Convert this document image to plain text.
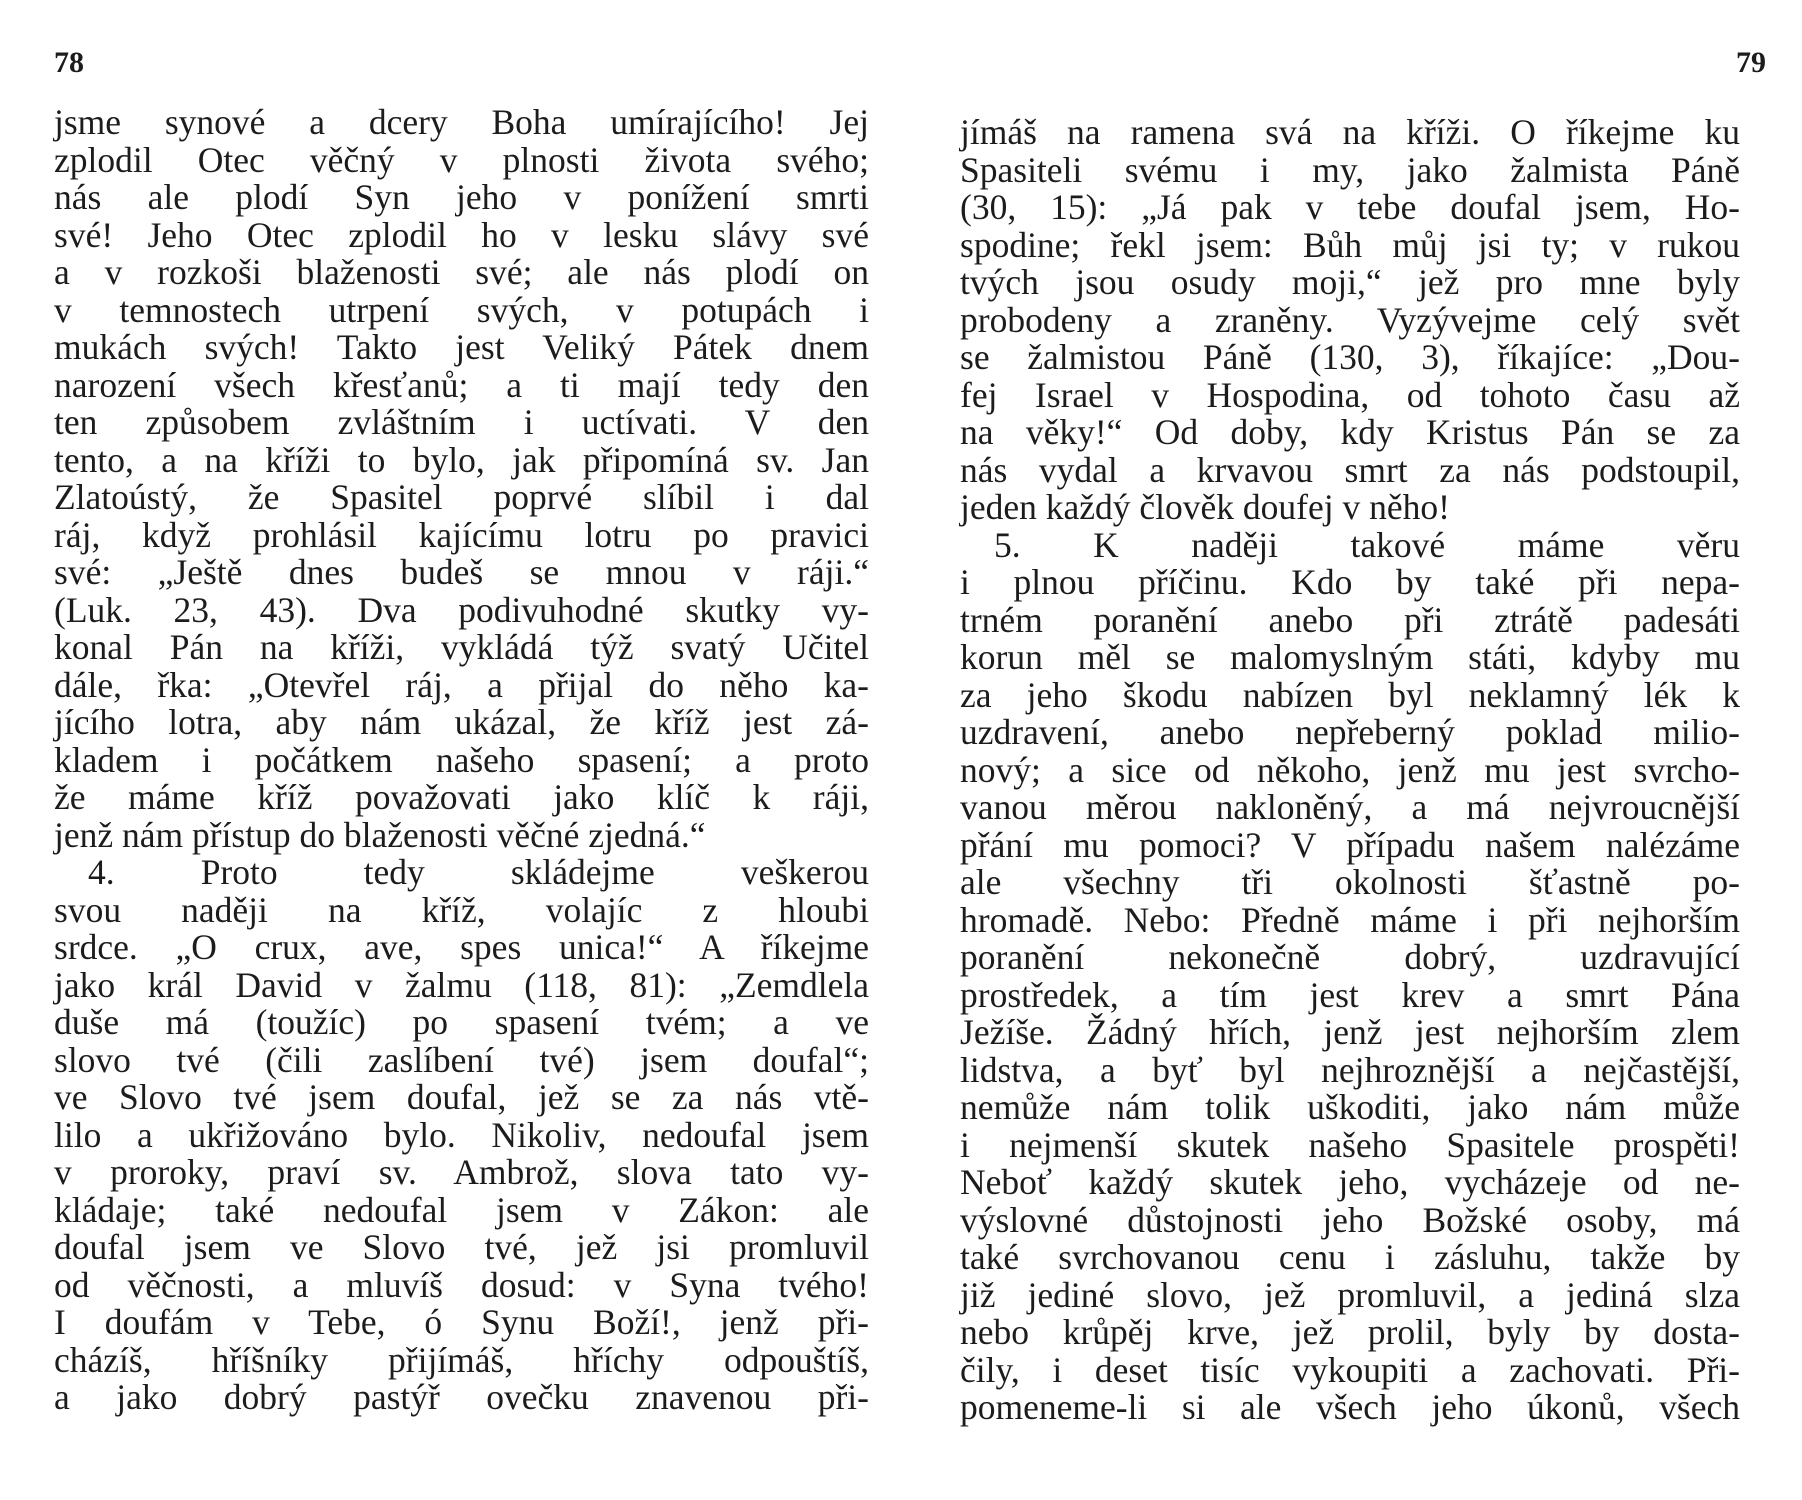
78
jsme synové a dcery Boha umírajícího! Jej
zplodil Otec věčný v plnosti života svého;
nás ale plodí Syn jeho v ponížení smrti
své! Jeho Otec zplodil ho v lesku slávy své
a v rozkoši blaženosti své; ale nás plodí on
v temnostech utrpení svých, v potupách i
mukách svých! Takto jest Veliký Pátek dnem
narození všech křesťanů; a ti mají tedy den
ten způsobem zvláštním i uctívati. V den
tento, a na kříži to bylo, jak připomíná sv. Jan
Zlatoústý, že Spasitel poprvé slíbil i dal
ráj, když prohlásil kajícímu lotru po pravici
své: „Ještě dnes budeš se mnou v ráji.“
(Luk. 23, 43). Dva podivuhodné skutky vy-
konal Pán na kříži, vykládá týž svatý Učitel
dále, řka: „Otevřel ráj, a přijal do něho ka-
jícího lotra, aby nám ukázal, že kříž jest zá-
kladem i počátkem našeho spasení; a proto
že máme kříž považovati jako klíč k ráji,
jenž nám přístup do blaženosti věčné zjedná.“
4. Proto tedy skládejme veškerou
svou naději na kříž, volajíc z hloubi
srdce. „O crux, ave, spes unica!“ A říkejme
jako král David v žalmu (118, 81): „Zemdlela
duše má (toužíc) po spasení tvém; a ve
slovo tvé (čili zaslíbení tvé) jsem doufal“;
ve Slovo tvé jsem doufal, jež se za nás vtě-
lilo a ukřižováno bylo. Nikoliv, nedoufal jsem
v proroky, praví sv. Ambrož, slova tato vy-
kládaje; také nedoufal jsem v Zákon: ale
doufal jsem ve Slovo tvé, jež jsi promluvil
od věčnosti, a mluvíš dosud: v Syna tvého!
I doufám v Tebe, ó Synu Boží!, jenž při-
cházíš, hříšníky přijímáš, hříchy odpouštíš,
a jako dobrý pastýř ovečku znavenou při-
79
jímáš na ramena svá na kříži. O říkejme ku
Spasiteli svému i my, jako žalmista Páně
(30, 15): „Já pak v tebe doufal jsem, Ho-
spodine; řekl jsem: Bůh můj jsi ty; v rukou
tvých jsou osudy moji,“ jež pro mne byly
probodeny a zraněny. Vyzývejme celý svět
se žalmistou Páně (130, 3), říkajíce: „Dou-
fej Israel v Hospodina, od tohoto času až
na věky!“ Od doby, kdy Kristus Pán se za
nás vydal a krvavou smrt za nás podstoupil,
jeden každý člověk doufej v něho!
5. K naději takové máme věru
i plnou příčinu. Kdo by také při nepa-
trném poranění anebo při ztrátě padesáti
korun měl se malomyslným státi, kdyby mu
za jeho škodu nabízen byl neklamný lék k
uzdravení, anebo nepřeberný poklad milio-
nový; a sice od někoho, jenž mu jest svrcho-
vanou měrou nakloněný, a má nejvroucnější
přání mu pomoci? V případu našem nalézáme
ale všechny tři okolnosti šťastně po-
hromadě. Nebo: Předně máme i při nejhorším
poranění nekonečně dobrý, uzdravující
prostředek, a tím jest krev a smrt Pána
Ježíše. Žádný hřích, jenž jest nejhorším zlem
lidstva, a byť byl nejhroznější a nejčastější,
nemůže nám tolik uškoditi, jako nám může
i nejmenší skutek našeho Spasitele prospěti!
Neboť každý skutek jeho, vycházeje od ne-
výslovné důstojnosti jeho Božské osoby, má
také svrchovanou cenu i zásluhu, takže by
již jediné slovo, jež promluvil, a jediná slza
nebo krůpěj krve, jež prolil, byly by dosta-
čily, i deset tisíc vykoupiti a zachovati. Při-
pomeneme-li si ale všech jeho úkonů, všech
